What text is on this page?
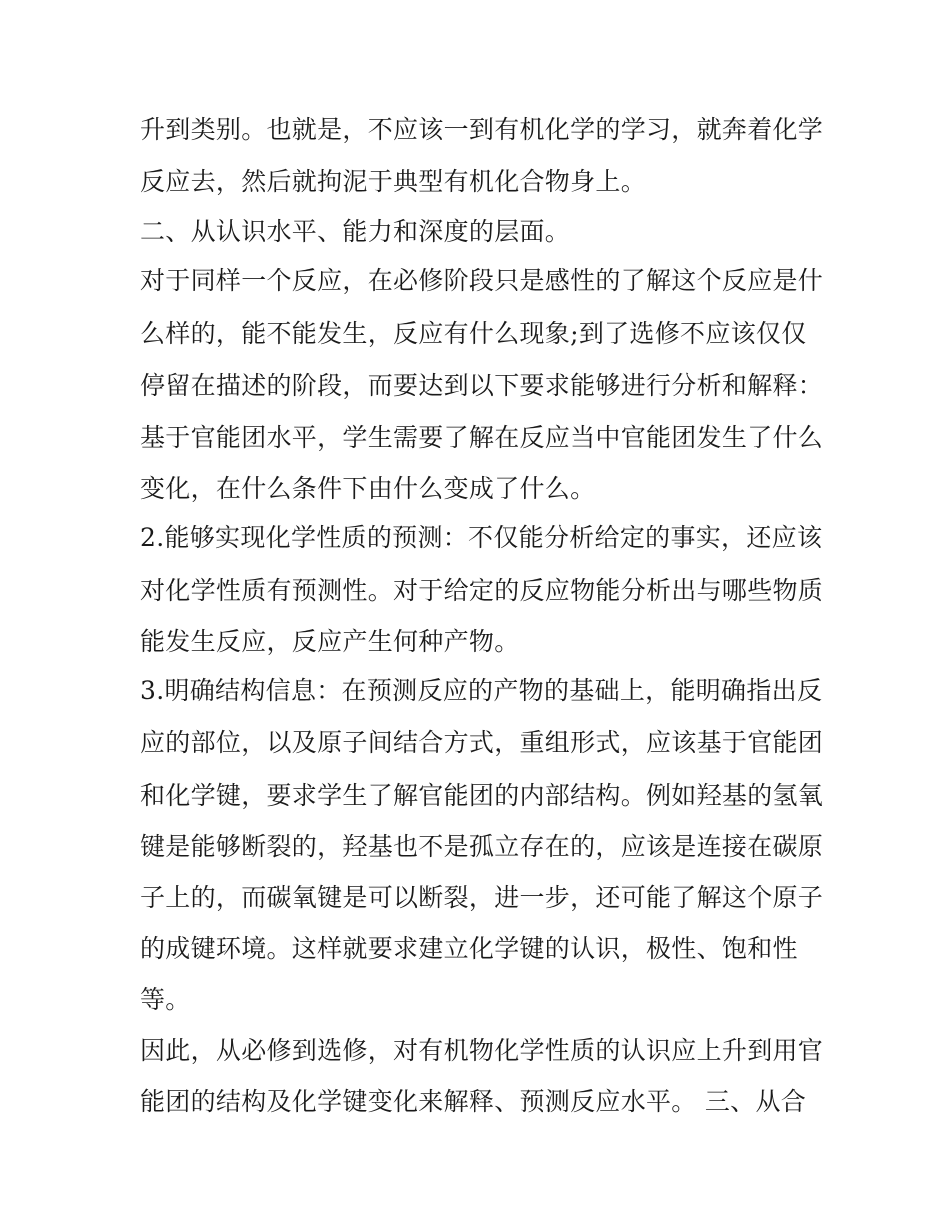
升到类别。也就是，不应该一到有机化学的学习，就奔着化学
反应去，然后就拘泥于典型有机化合物身上。
二、从认识水平、能力和深度的层面。
对于同样一个反应，在必修阶段只是感性的了解这个反应是什
么样的，能不能发生，反应有什么现象;到了选修不应该仅仅
停留在描述的阶段，而要达到以下要求能够进行分析和解释：
基于官能团水平，学生需要了解在反应当中官能团发生了什么
变化，在什么条件下由什么变成了什么。
2.能够实现化学性质的预测：不仅能分析给定的事实，还应该
对化学性质有预测性。对于给定的反应物能分析出与哪些物质
能发生反应，反应产生何种产物。
3.明确结构信息：在预测反应的产物的基础上，能明确指出反
应的部位，以及原子间结合方式，重组形式，应该基于官能团
和化学键，要求学生了解官能团的内部结构。例如羟基的氢氧
键是能够断裂的，羟基也不是孤立存在的，应该是连接在碳原
子上的，而碳氧键是可以断裂，进一步，还可能了解这个原子
的成键环境。这样就要求建立化学键的认识，极性、饱和性
等。
因此，从必修到选修，对有机物化学性质的认识应上升到用官
能团的结构及化学键变化来解释、预测反应水平。 三、从合
